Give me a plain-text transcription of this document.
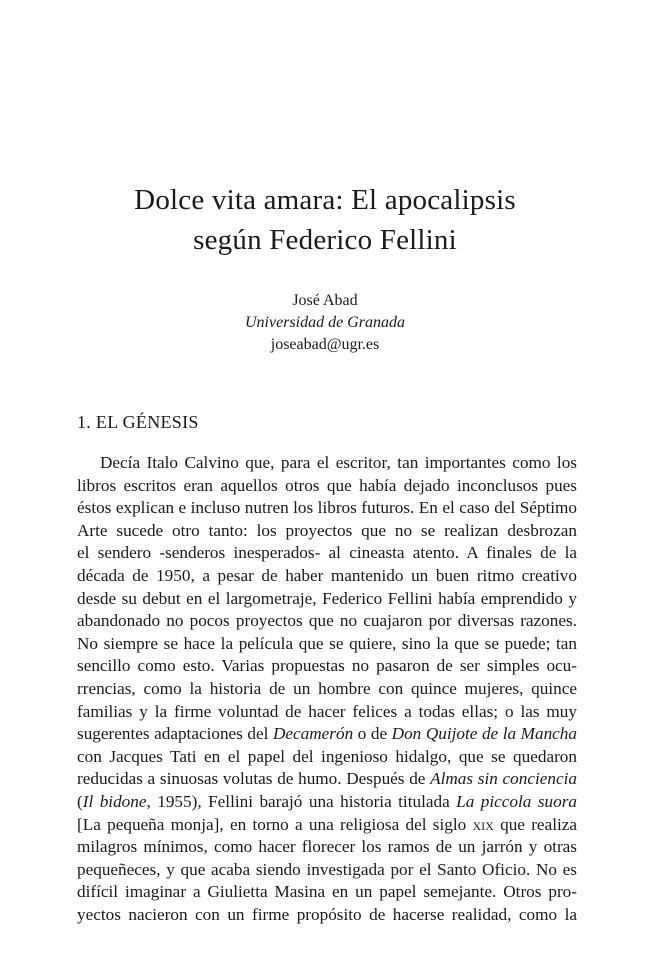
Dolce vita amara: El apocalipsis
según Federico Fellini
José Abad
Universidad de Granada
joseabad@ugr.es
1. EL GÉNESIS
Decía Italo Calvino que, para el escritor, tan importantes como los
libros escritos eran aquellos otros que había dejado inconclusos pues
éstos explican e incluso nutren los libros futuros. En el caso del Séptimo
Arte sucede otro tanto: los proyectos que no se realizan desbrozan
el sendero -senderos inesperados- al cineasta atento. A finales de la
década de 1950, a pesar de haber mantenido un buen ritmo creativo
desde su debut en el largometraje, Federico Fellini había emprendido y
abandonado no pocos proyectos que no cuajaron por diversas razones.
No siempre se hace la película que se quiere, sino la que se puede; tan
sencillo como esto. Varias propuestas no pasaron de ser simples ocu-
rrencias, como la historia de un hombre con quince mujeres, quince
familias y la firme voluntad de hacer felices a todas ellas; o las muy
sugerentes adaptaciones del Decamerón o de Don Quijote de la Mancha
con Jacques Tati en el papel del ingenioso hidalgo, que se quedaron
reducidas a sinuosas volutas de humo. Después de Almas sin conciencia
(Il bidone, 1955), Fellini barajó una historia titulada La piccola suora
[La pequeña monja], en torno a una religiosa del siglo xix que realiza
milagros mínimos, como hacer florecer los ramos de un jarrón y otras
pequeñeces, y que acaba siendo investigada por el Santo Oficio. No es
difícil imaginar a Giulietta Masina en un papel semejante. Otros pro-
yectos nacieron con un firme propósito de hacerse realidad, como la
